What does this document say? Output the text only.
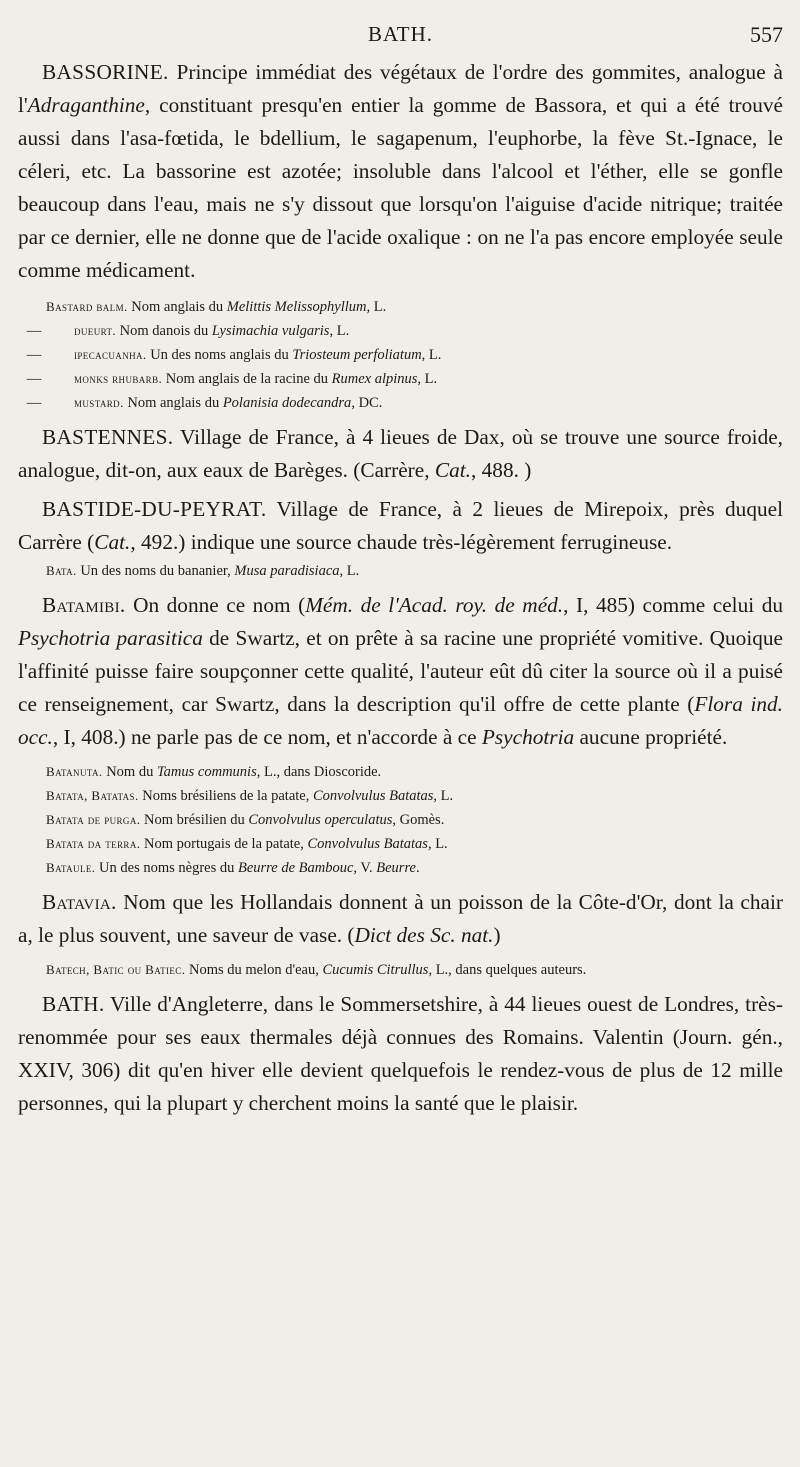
BATH.	557

BASSORINE. Principe immédiat des végétaux de l'ordre des gommites, analogue à l'Adraganthine, constituant presqu'en entier la gomme de Bassora, et qui a été trouvé aussi dans l'asa-fœtida, le bdellium, le sagapenum, l'euphorbe, la fève St.-Ignace, le céleri, etc. La bassorine est azotée; insoluble dans l'alcool et l'éther, elle se gonfle beaucoup dans l'eau, mais ne s'y dissout que lorsqu'on l'aiguise d'acide nitrique; traitée par ce dernier, elle ne donne que de l'acide oxalique : on ne l'a pas encore employée seule comme médicament.

Bastard balm. Nom anglais du Melittis Melissophyllum, L.

—	dueurt. Nom danois du Lysimachia vulgaris, L.

—	ipecacuanha. Un des noms anglais du Triosteum perfoliatum, L.

—	monks rhubarb. Nom anglais de la racine du Rumex alpinus, L.

—	mustard. Nom anglais du Polanisia dodecandra, DC.

BASTENNES. Village de France, à 4 lieues de Dax, où se trouve une source froide, analogue, dit-on, aux eaux de Barèges. (Carrère, Cat., 488. )

BASTIDE-DU-PEYRAT. Village de France, à 2 lieues de Mirepoix, près duquel Carrère (Cat., 492.) indique une source chaude très-légèrement ferrugineuse.

Bata. Un des noms du bananier, Musa paradisiaca, L.

Batamibi. On donne ce nom (Mém. de l'Acad. roy. de méd., I, 485) comme celui du Psychotria parasitica de Swartz, et on prête à sa racine une propriété vomitive. Quoique l'affinité puisse faire soupçonner cette qualité, l'auteur eût dû citer la source où il a puisé ce renseignement, car Swartz, dans la description qu'il offre de cette plante (Flora ind. occ., I, 408.) ne parle pas de ce nom, et n'accorde à ce Psychotria aucune propriété.

Batanuta. Nom du Tamus communis, L., dans Dioscoride.

Batata, Batatas. Noms brésiliens de la patate, Convolvulus Batatas, L.

Batata de purga. Nom brésilien du Convolvulus operculatus, Gomès.

Batata da terra. Nom portugais de la patate, Convolvulus Batatas, L.

Bataule. Un des noms nègres du Beurre de Bambouc, V. Beurre.

Batavia. Nom que les Hollandais donnent à un poisson de la Côte-d'Or, dont la chair a, le plus souvent, une saveur de vase. (Dict des Sc. nat.)

Batech, Batic ou Batiec. Noms du melon d'eau, Cucumis Citrullus, L., dans quelques auteurs.

BATH. Ville d'Angleterre, dans le Sommersetshire, à 44 lieues ouest de Londres, très-renommée pour ses eaux thermales déjà connues des Romains. Valentin (Journ. gén., XXIV, 306) dit qu'en hiver elle devient quelquefois le rendez-vous de plus de 12 mille personnes, qui la plupart y cherchent moins la santé que le plaisir.
